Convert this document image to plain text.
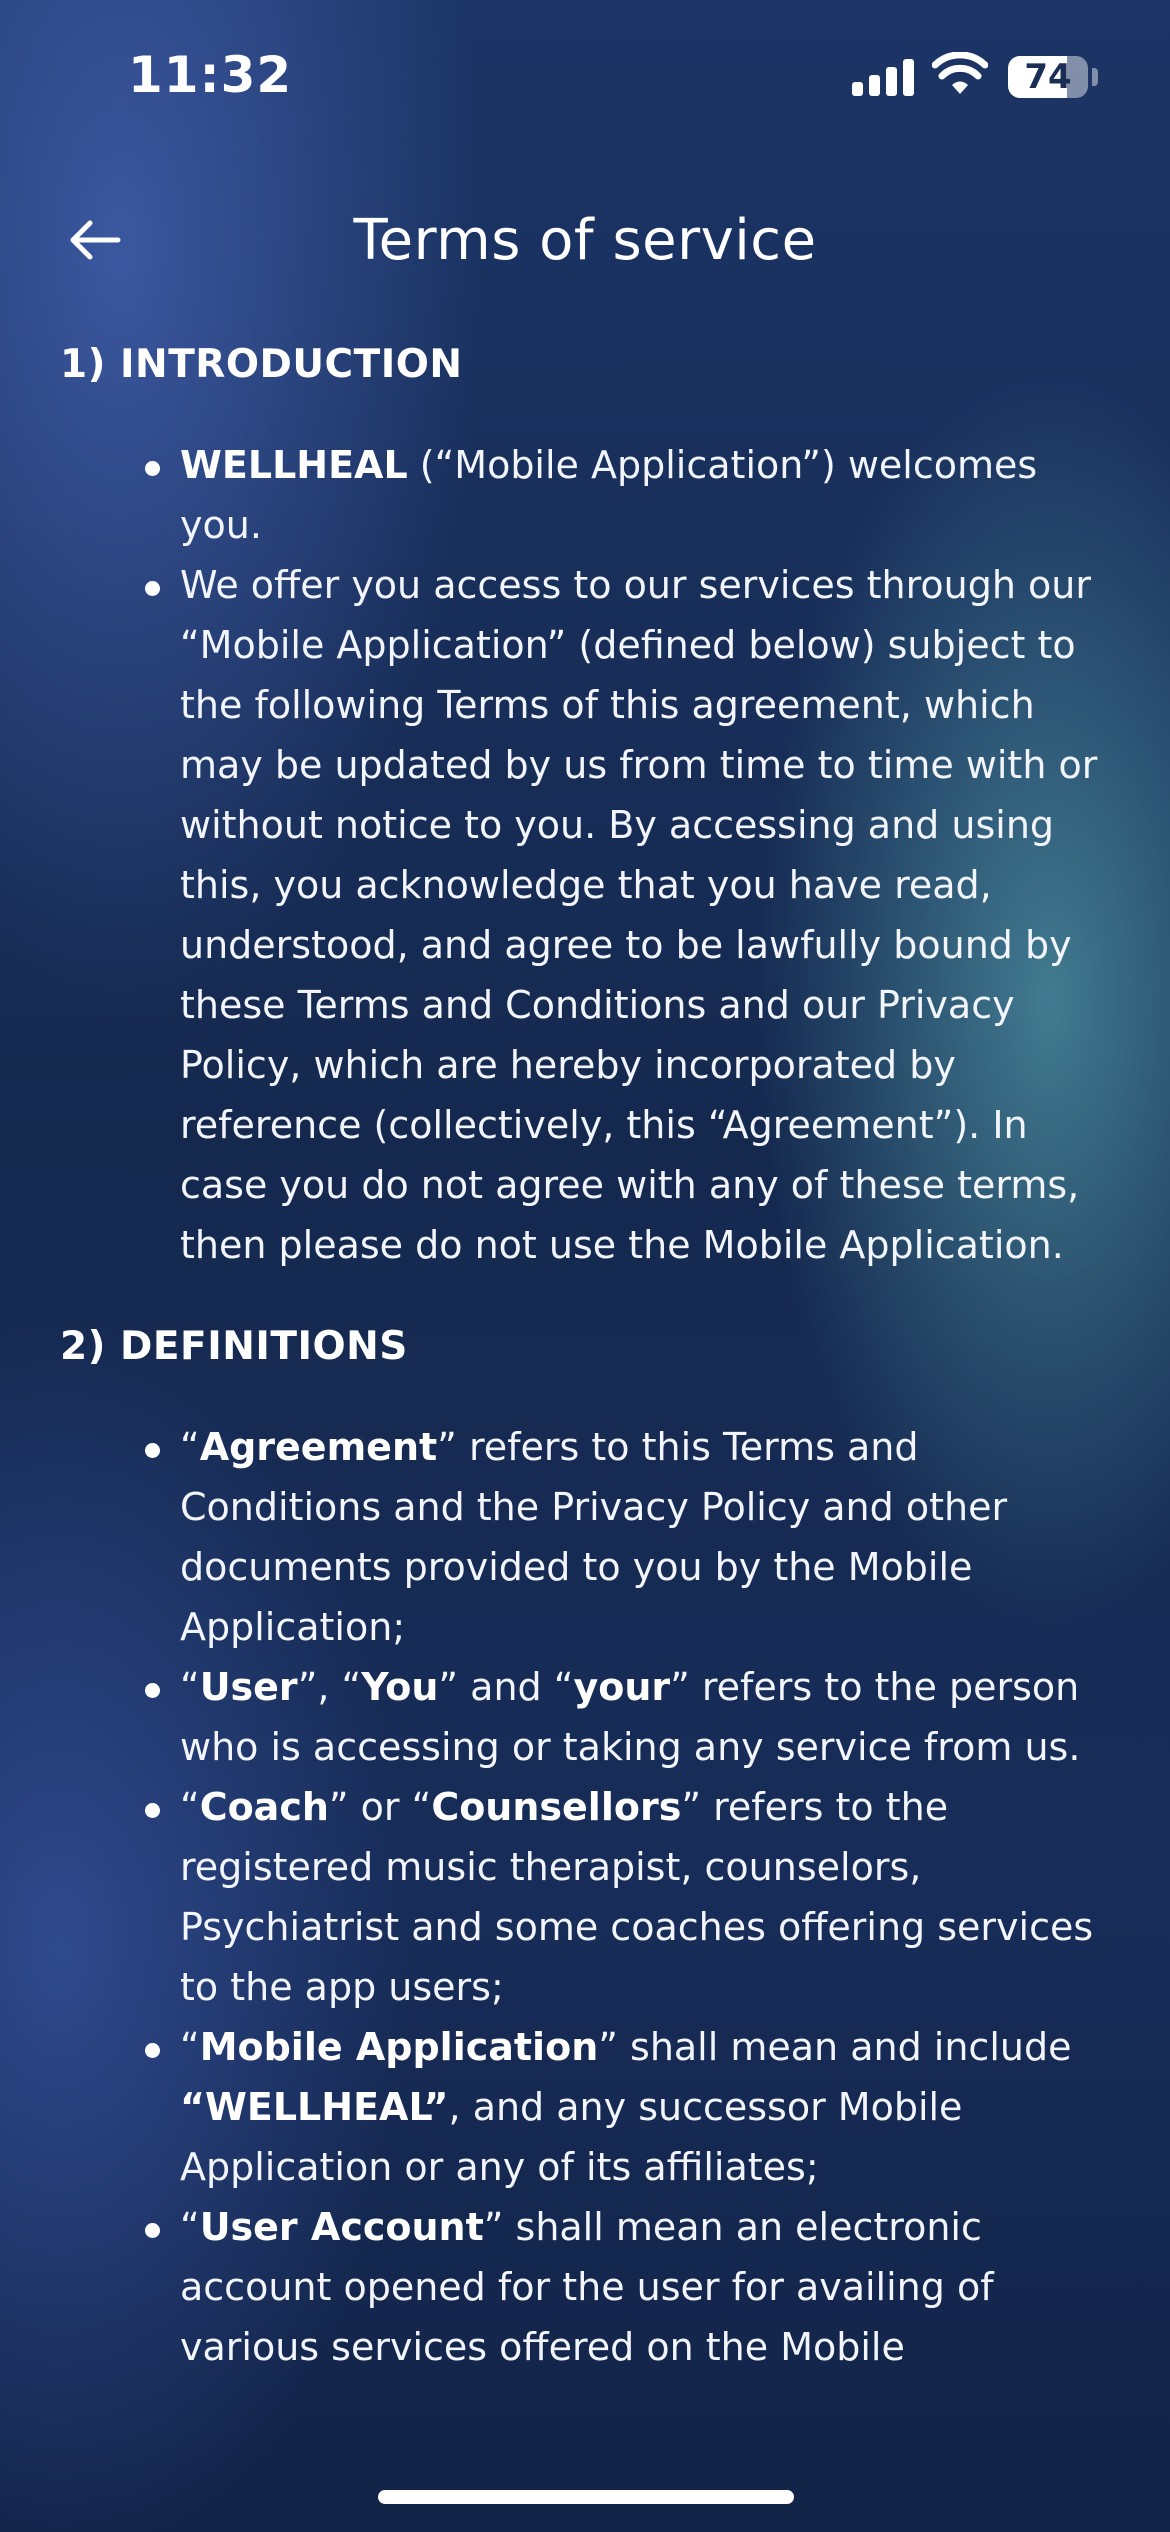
11:32	74
Terms of service
1) INTRODUCTION
WELLHEAL (“Mobile Application”) welcomes you.
We offer you access to our services through our “Mobile Application” (defined below) subject to the following Terms of this agreement, which may be updated by us from time to time with or without notice to you. By accessing and using this, you acknowledge that you have read, understood, and agree to be lawfully bound by these Terms and Conditions and our Privacy Policy, which are hereby incorporated by reference (collectively, this “Agreement”). In case you do not agree with any of these terms, then please do not use the Mobile Application.
2) DEFINITIONS
“Agreement” refers to this Terms and Conditions and the Privacy Policy and other documents provided to you by the Mobile Application;
“User”, “You” and “your” refers to the person who is accessing or taking any service from us.
“Coach” or “Counsellors” refers to the registered music therapist, counselors, Psychiatrist and some coaches offering services to the app users;
“Mobile Application” shall mean and include “WELLHEAL”, and any successor Mobile Application or any of its affiliates;
“User Account” shall mean an electronic account opened for the user for availing of various services offered on the Mobile
